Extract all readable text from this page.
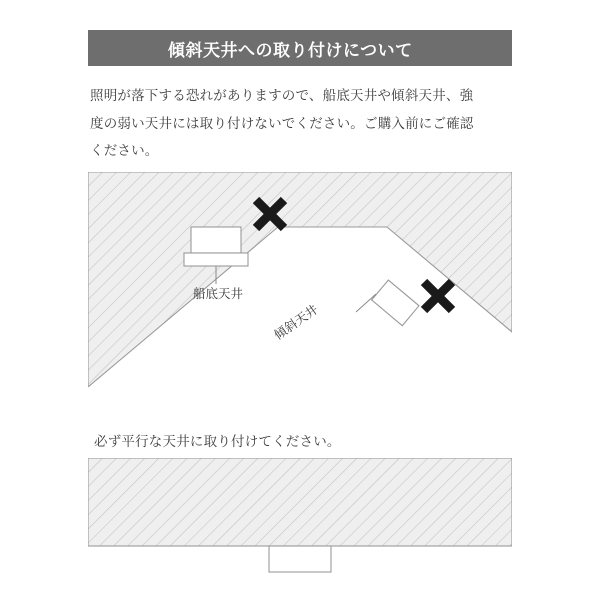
傾斜天井への取り付けについて
照明が落下する恐れがありますので、船底天井や傾斜天井、強
度の弱い天井には取り付けないでください。ご購入前にご確認
ください。
船底天井
傾斜天井
必ず平行な天井に取り付けてください。
